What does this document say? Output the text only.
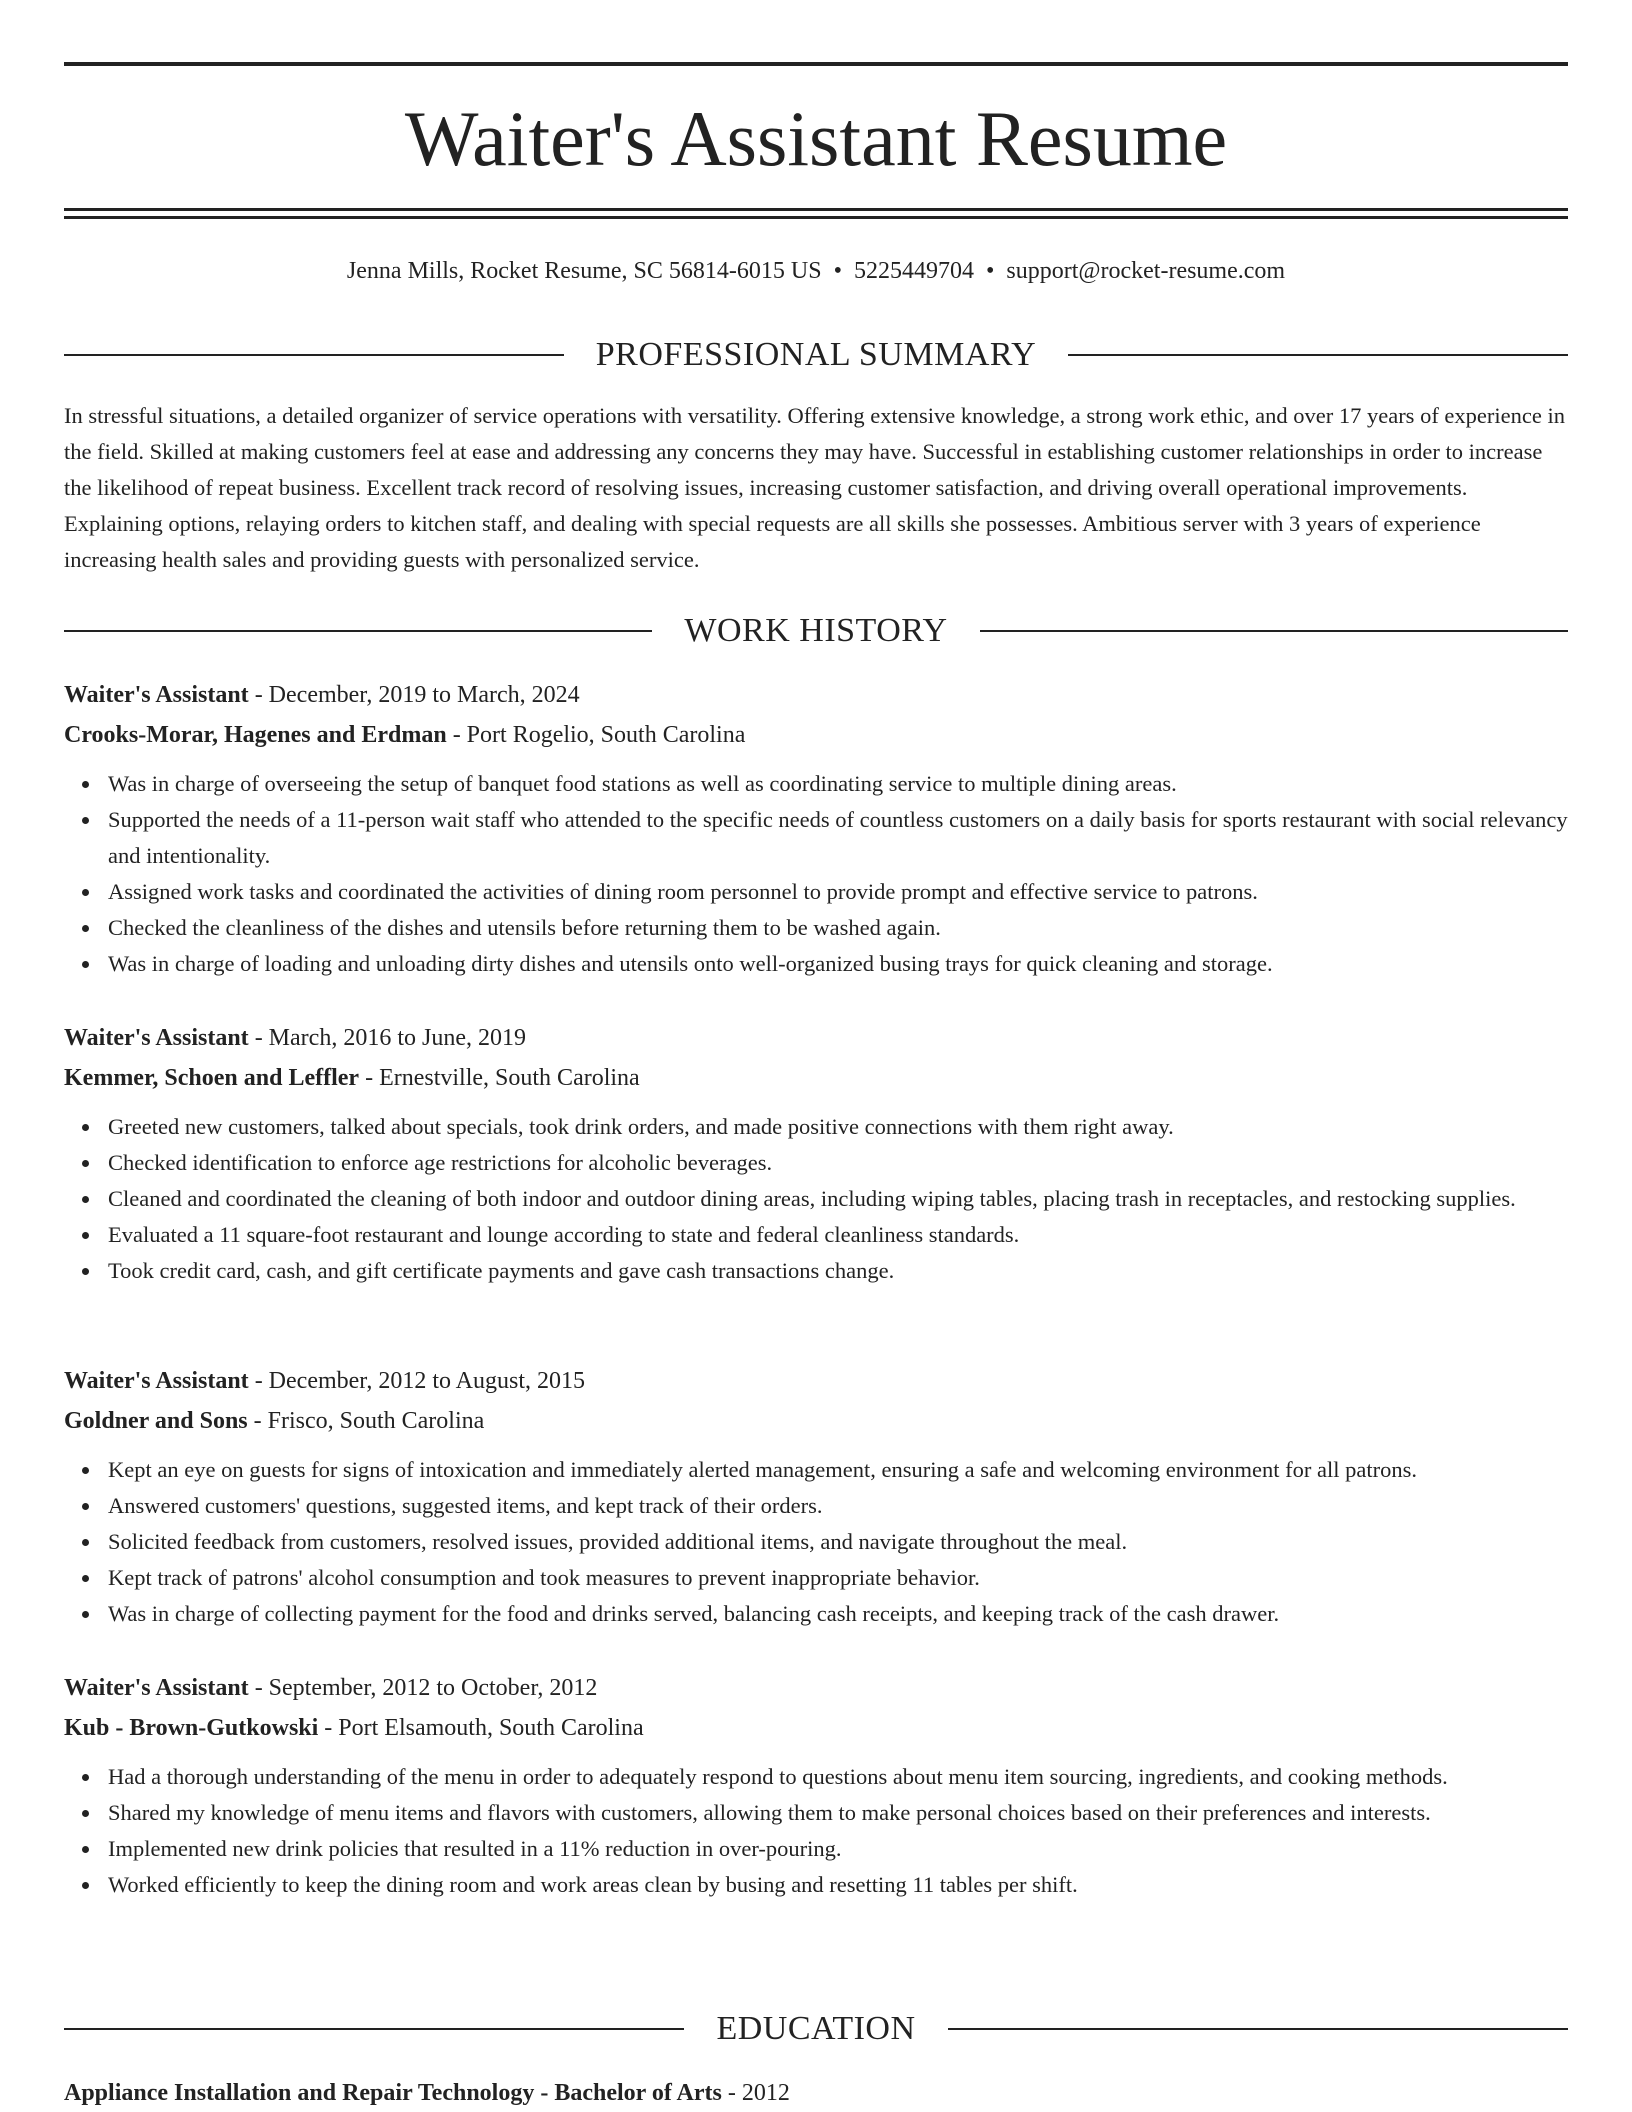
Waiter's Assistant Resume
Jenna Mills, Rocket Resume, SC 56814-6015 US • 5225449704 • support@rocket-resume.com
PROFESSIONAL SUMMARY

In stressful situations, a detailed organizer of service operations with versatility. Offering extensive knowledge, a strong work ethic, and over 17 years of experience in the field. Skilled at making customers feel at ease and addressing any concerns they may have. Successful in establishing customer relationships in order to increase the likelihood of repeat business. Excellent track record of resolving issues, increasing customer satisfaction, and driving overall operational improvements. Explaining options, relaying orders to kitchen staff, and dealing with special requests are all skills she possesses. Ambitious server with 3 years of experience increasing health sales and providing guests with personalized service.

WORK HISTORY
Waiter's Assistant - December, 2019 to March, 2024
Crooks-Morar, Hagenes and Erdman - Port Rogelio, South Carolina
Was in charge of overseeing the setup of banquet food stations as well as coordinating service to multiple dining areas.
Supported the needs of a 11-person wait staff who attended to the specific needs of countless customers on a daily basis for sports restaurant with social relevancy and intentionality.
Assigned work tasks and coordinated the activities of dining room personnel to provide prompt and effective service to patrons.
Checked the cleanliness of the dishes and utensils before returning them to be washed again.
Was in charge of loading and unloading dirty dishes and utensils onto well-organized busing trays for quick cleaning and storage.
Waiter's Assistant - March, 2016 to June, 2019
Kemmer, Schoen and Leffler - Ernestville, South Carolina
Greeted new customers, talked about specials, took drink orders, and made positive connections with them right away.
Checked identification to enforce age restrictions for alcoholic beverages.
Cleaned and coordinated the cleaning of both indoor and outdoor dining areas, including wiping tables, placing trash in receptacles, and restocking supplies.
Evaluated a 11 square-foot restaurant and lounge according to state and federal cleanliness standards.
Took credit card, cash, and gift certificate payments and gave cash transactions change.
Waiter's Assistant - December, 2012 to August, 2015
Goldner and Sons - Frisco, South Carolina
Kept an eye on guests for signs of intoxication and immediately alerted management, ensuring a safe and welcoming environment for all patrons.
Answered customers' questions, suggested items, and kept track of their orders.
Solicited feedback from customers, resolved issues, provided additional items, and navigate throughout the meal.
Kept track of patrons' alcohol consumption and took measures to prevent inappropriate behavior.
Was in charge of collecting payment for the food and drinks served, balancing cash receipts, and keeping track of the cash drawer.
Waiter's Assistant - September, 2012 to October, 2012
Kub - Brown-Gutkowski - Port Elsamouth, South Carolina
Had a thorough understanding of the menu in order to adequately respond to questions about menu item sourcing, ingredients, and cooking methods.
Shared my knowledge of menu items and flavors with customers, allowing them to make personal choices based on their preferences and interests.
Implemented new drink policies that resulted in a 11% reduction in over-pouring.
Worked efficiently to keep the dining room and work areas clean by busing and resetting 11 tables per shift.
EDUCATION
Appliance Installation and Repair Technology - Bachelor of Arts - 2012
